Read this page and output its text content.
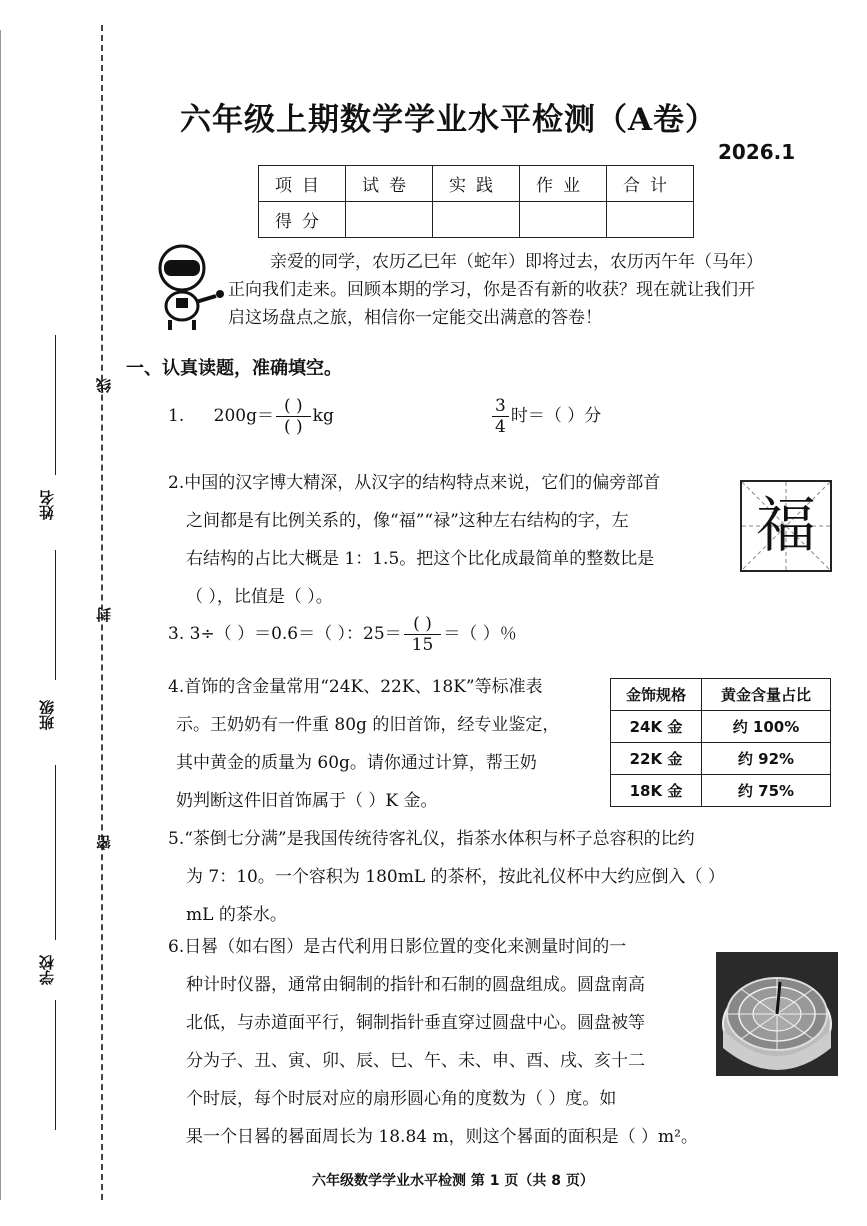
线
封
密
姓名
班级
学校
六年级上期数学学业水平检测（A卷）
2026.1
项目	试卷	实践	作业	合计
得分				

亲爱的同学，农历乙巳年（蛇年）即将过去，农历丙午年（马年）

正向我们走来。回顾本期的学习，你是否有新的收获？现在就让我们开

启这场盘点之旅，相信你一定能交出满意的答卷！

一、认真读题，准确填空。
1. $200g= \frac{( )}{( )}$ kg	$\frac{3}{4}$ 时＝（ ）分
2.中国的汉字博大精深，从汉字的结构特点来说，它们的偏旁部首
之间都是有比例关系的，像“福”“禄”这种左右结构的字，左
右结构的占比大概是 1：1.5。把这个比化成最简单的整数比是
（ ），比值是（ ）。
福
3. 3÷（ ）＝0.6＝（ ）：$25= \frac{( )}{15}$ ＝（ ）％
4.首饰的含金量常用“24K、22K、18K”等标准表
示。王奶奶有一件重 80g 的旧首饰，经专业鉴定，
其中黄金的质量为 60g。请你通过计算，帮王奶
奶判断这件旧首饰属于（ ）K 金。
金饰规格	黄金含量占比
24K 金	约 100%
22K 金	约 92%
18K 金	约 75%
5.“茶倒七分满”是我国传统待客礼仪，指茶水体积与杯子总容积的比约
为 7：10。一个容积为 180mL 的茶杯，按此礼仪杯中大约应倒入（ ）
mL 的茶水。
6.日晷（如右图）是古代利用日影位置的变化来测量时间的一
种计时仪器，通常由铜制的指针和石制的圆盘组成。圆盘南高
北低，与赤道面平行，铜制指针垂直穿过圆盘中心。圆盘被等
分为子、丑、寅、卯、辰、巳、午、未、申、酉、戌、亥十二
个时辰，每个时辰对应的扇形圆心角的度数为（ ）度。如
果一个日晷的晷面周长为 18.84 m，则这个晷面的面积是（ ）m²。
六年级数学学业水平检测 第 1 页（共 8 页）
